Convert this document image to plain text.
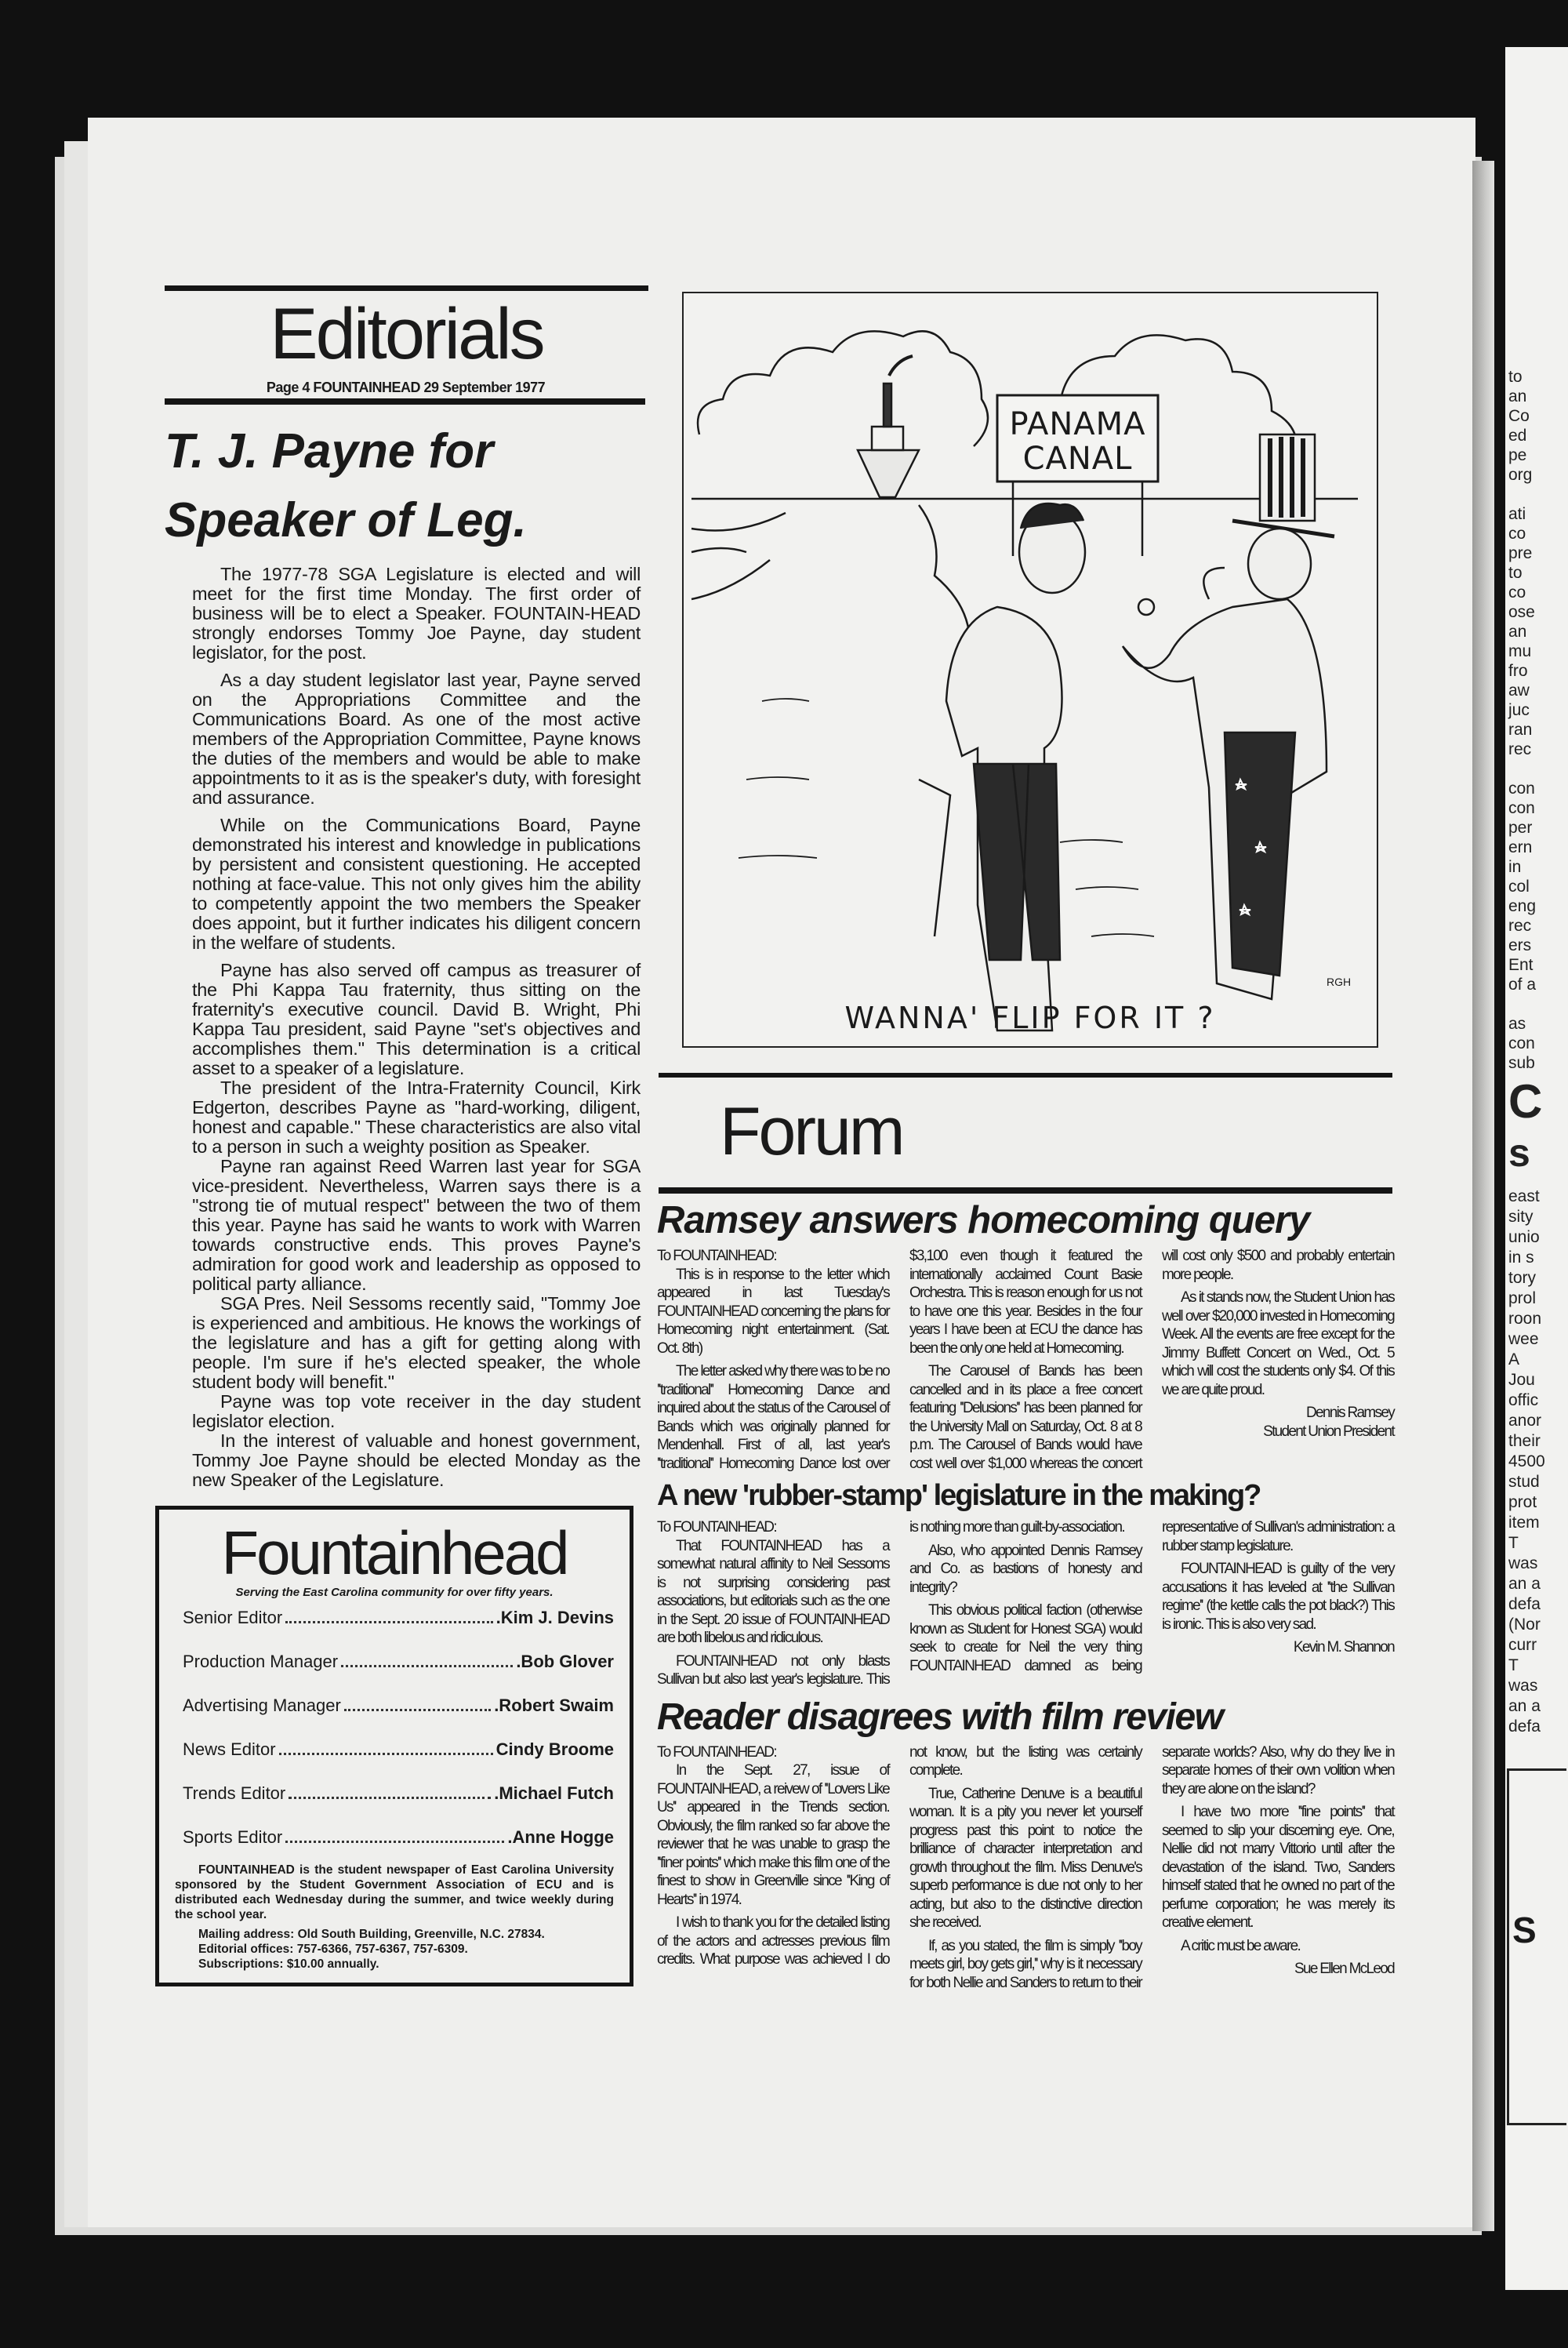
S
to
an
Co
ed
pe
org
ati
co
pre
to
co
ose
an
mu
fro
aw
juc
ran
rec
con
con
per
ern
in
col
eng
rec
ers
Ent
of a
as
con
sub
C
s
east
sity
unio
in s
tory
prol
roon
wee
A
Jou
offic
anor
their
4500
stud
prot
item
T
was
an a
defa
(Nor
curr
T
was
an a
defa
Editorials
Page 4 FOUNTAINHEAD 29 September 1977
T. J. Payne for
Speaker of Leg.

The 1977-78 SGA Legislature is elected and will meet for the first time Monday. The first order of business will be to elect a Speaker. FOUNTAIN-HEAD strongly endorses Tommy Joe Payne, day student legislator, for the post.

As a day student legislator last year, Payne served on the Appropriations Committee and the Communications Board. As one of the most active members of the Appropriation Committee, Payne knows the duties of the members and would be able to make appointments to it as is the speaker's duty, with foresight and assurance.

While on the Communications Board, Payne demonstrated his interest and knowledge in publications by persistent and consistent questioning. He accepted nothing at face-value. This not only gives him the ability to competently appoint the two members the Speaker does appoint, but it further indicates his diligent concern in the welfare of students.

Payne has also served off campus as treasurer of the Phi Kappa Tau fraternity, thus sitting on the fraternity's executive council. David B. Wright, Phi Kappa Tau president, said Payne ''set's objectives and accomplishes them.'' This determination is a critical asset to a speaker of a legislature.

The president of the Intra-Fraternity Council, Kirk Edgerton, describes Payne as ''hard-working, diligent, honest and capable.'' These characteristics are also vital to a person in such a weighty position as Speaker.

Payne ran against Reed Warren last year for SGA vice-president. Nevertheless, Warren says there is a ''strong tie of mutual respect'' between the two of them this year. Payne has said he wants to work with Warren towards constructive ends. This proves Payne's admiration for good work and leadership as opposed to political party alliance.

SGA Pres. Neil Sessoms recently said, ''Tommy Joe is experienced and ambitious. He knows the workings of the legislature and has a gift for getting along with people. I'm sure if he's elected speaker, the whole student body will benefit.''

Payne was top vote receiver in the day student legislator election.

In the interest of valuable and honest government, Tommy Joe Payne should be elected Monday as the new Speaker of the Legislature.

Fountainhead
Serving the East Carolina community for over fifty years.
Senior Editor	.Kim J. Devins
Production Manager	.Bob Glover
Advertising Manager	.Robert Swaim
News Editor	Cindy Broome
Trends Editor	.Michael Futch
Sports Editor	.Anne Hogge

FOUNTAINHEAD is the student newspaper of East Carolina University sponsored by the Student Government Association of ECU and is distributed each Wednesday during the summer, and twice weekly during the school year.

Mailing address: Old South Building, Greenville, N.C. 27834.
Editorial offices: 757-6366, 757-6367, 757-6309.
Subscriptions: $10.00 annually.
PANAMA
CANAL
RGH
WANNA' FLIP FOR IT ?
Forum
Ramsey answers homecoming query

To FOUNTAINHEAD:

This is in response to the letter which appeared in last Tuesday's FOUNTAINHEAD concerning the plans for Homecoming night entertainment. (Sat. Oct. 8th)

The letter asked why there was to be no ''traditional'' Homecoming Dance and inquired about the status of the Carousel of Bands which was originally planned for Mendenhall. First of all, last year's ''traditional'' Homecoming Dance lost over $3,100 even though it featured the internationally acclaimed Count Basie Orchestra. This is reason enough for us not to have one this year. Besides in the four years I have been at ECU the dance has been the only one held at Homecoming.

The Carousel of Bands has been cancelled and in its place a free concert featuring ''Delusions'' has been planned for the University Mall on Saturday, Oct. 8 at 8 p.m. The Carousel of Bands would have cost well over $1,000 whereas the concert will cost only $500 and probably entertain more people.

As it stands now, the Student Union has well over $20,000 invested in Homecoming Week. All the events are free except for the Jimmy Buffett Concert on Wed., Oct. 5 which will cost the students only $4. Of this we are quite proud.

Dennis Ramsey

Student Union President

A new 'rubber-stamp' legislature in the making?

To FOUNTAINHEAD:

That FOUNTAINHEAD has a somewhat natural affinity to Neil Sessoms is not surprising considering past associations, but editorials such as the one in the Sept. 20 issue of FOUNTAINHEAD are both libelous and ridiculous.

FOUNTAINHEAD not only blasts Sullivan but also last year's legislature. This is nothing more than guilt-by-association.

Also, who appointed Dennis Ramsey and Co. as bastions of honesty and integrity?

This obvious political faction (otherwise known as Student for Honest SGA) would seek to create for Neil the very thing FOUNTAINHEAD damned as being representative of Sullivan's administration: a rubber stamp legislature.

FOUNTAINHEAD is guilty of the very accusations it has leveled at ''the Sullivan regime'' (the kettle calls the pot black?) This is ironic. This is also very sad.

Kevin M. Shannon

Reader disagrees with film review

To FOUNTAINHEAD:

In the Sept. 27, issue of FOUNTAINHEAD, a reivew of ''Lovers Like Us'' appeared in the Trends section. Obviously, the film ranked so far above the reviewer that he was unable to grasp the ''finer points'' which make this film one of the finest to show in Greenville since ''King of Hearts'' in 1974.

I wish to thank you for the detailed listing of the actors and actresses previous film credits. What purpose was achieved I do not know, but the listing was certainly complete.

True, Catherine Denuve is a beautiful woman. It is a pity you never let yourself progress past this point to notice the brilliance of character interpretation and growth throughout the film. Miss Denuve's superb performance is due not only to her acting, but also to the distinctive direction she received.

If, as you stated, the film is simply ''boy meets girl, boy gets girl,'' why is it necessary for both Nellie and Sanders to return to their separate worlds? Also, why do they live in separate homes of their own volition when they are alone on the island?

I have two more ''fine points'' that seemed to slip your discerning eye. One, Nellie did not marry Vittorio until after the devastation of the island. Two, Sanders himself stated that he owned no part of the perfume corporation; he was merely its creative element.

A critic must be aware.

Sue Ellen McLeod
